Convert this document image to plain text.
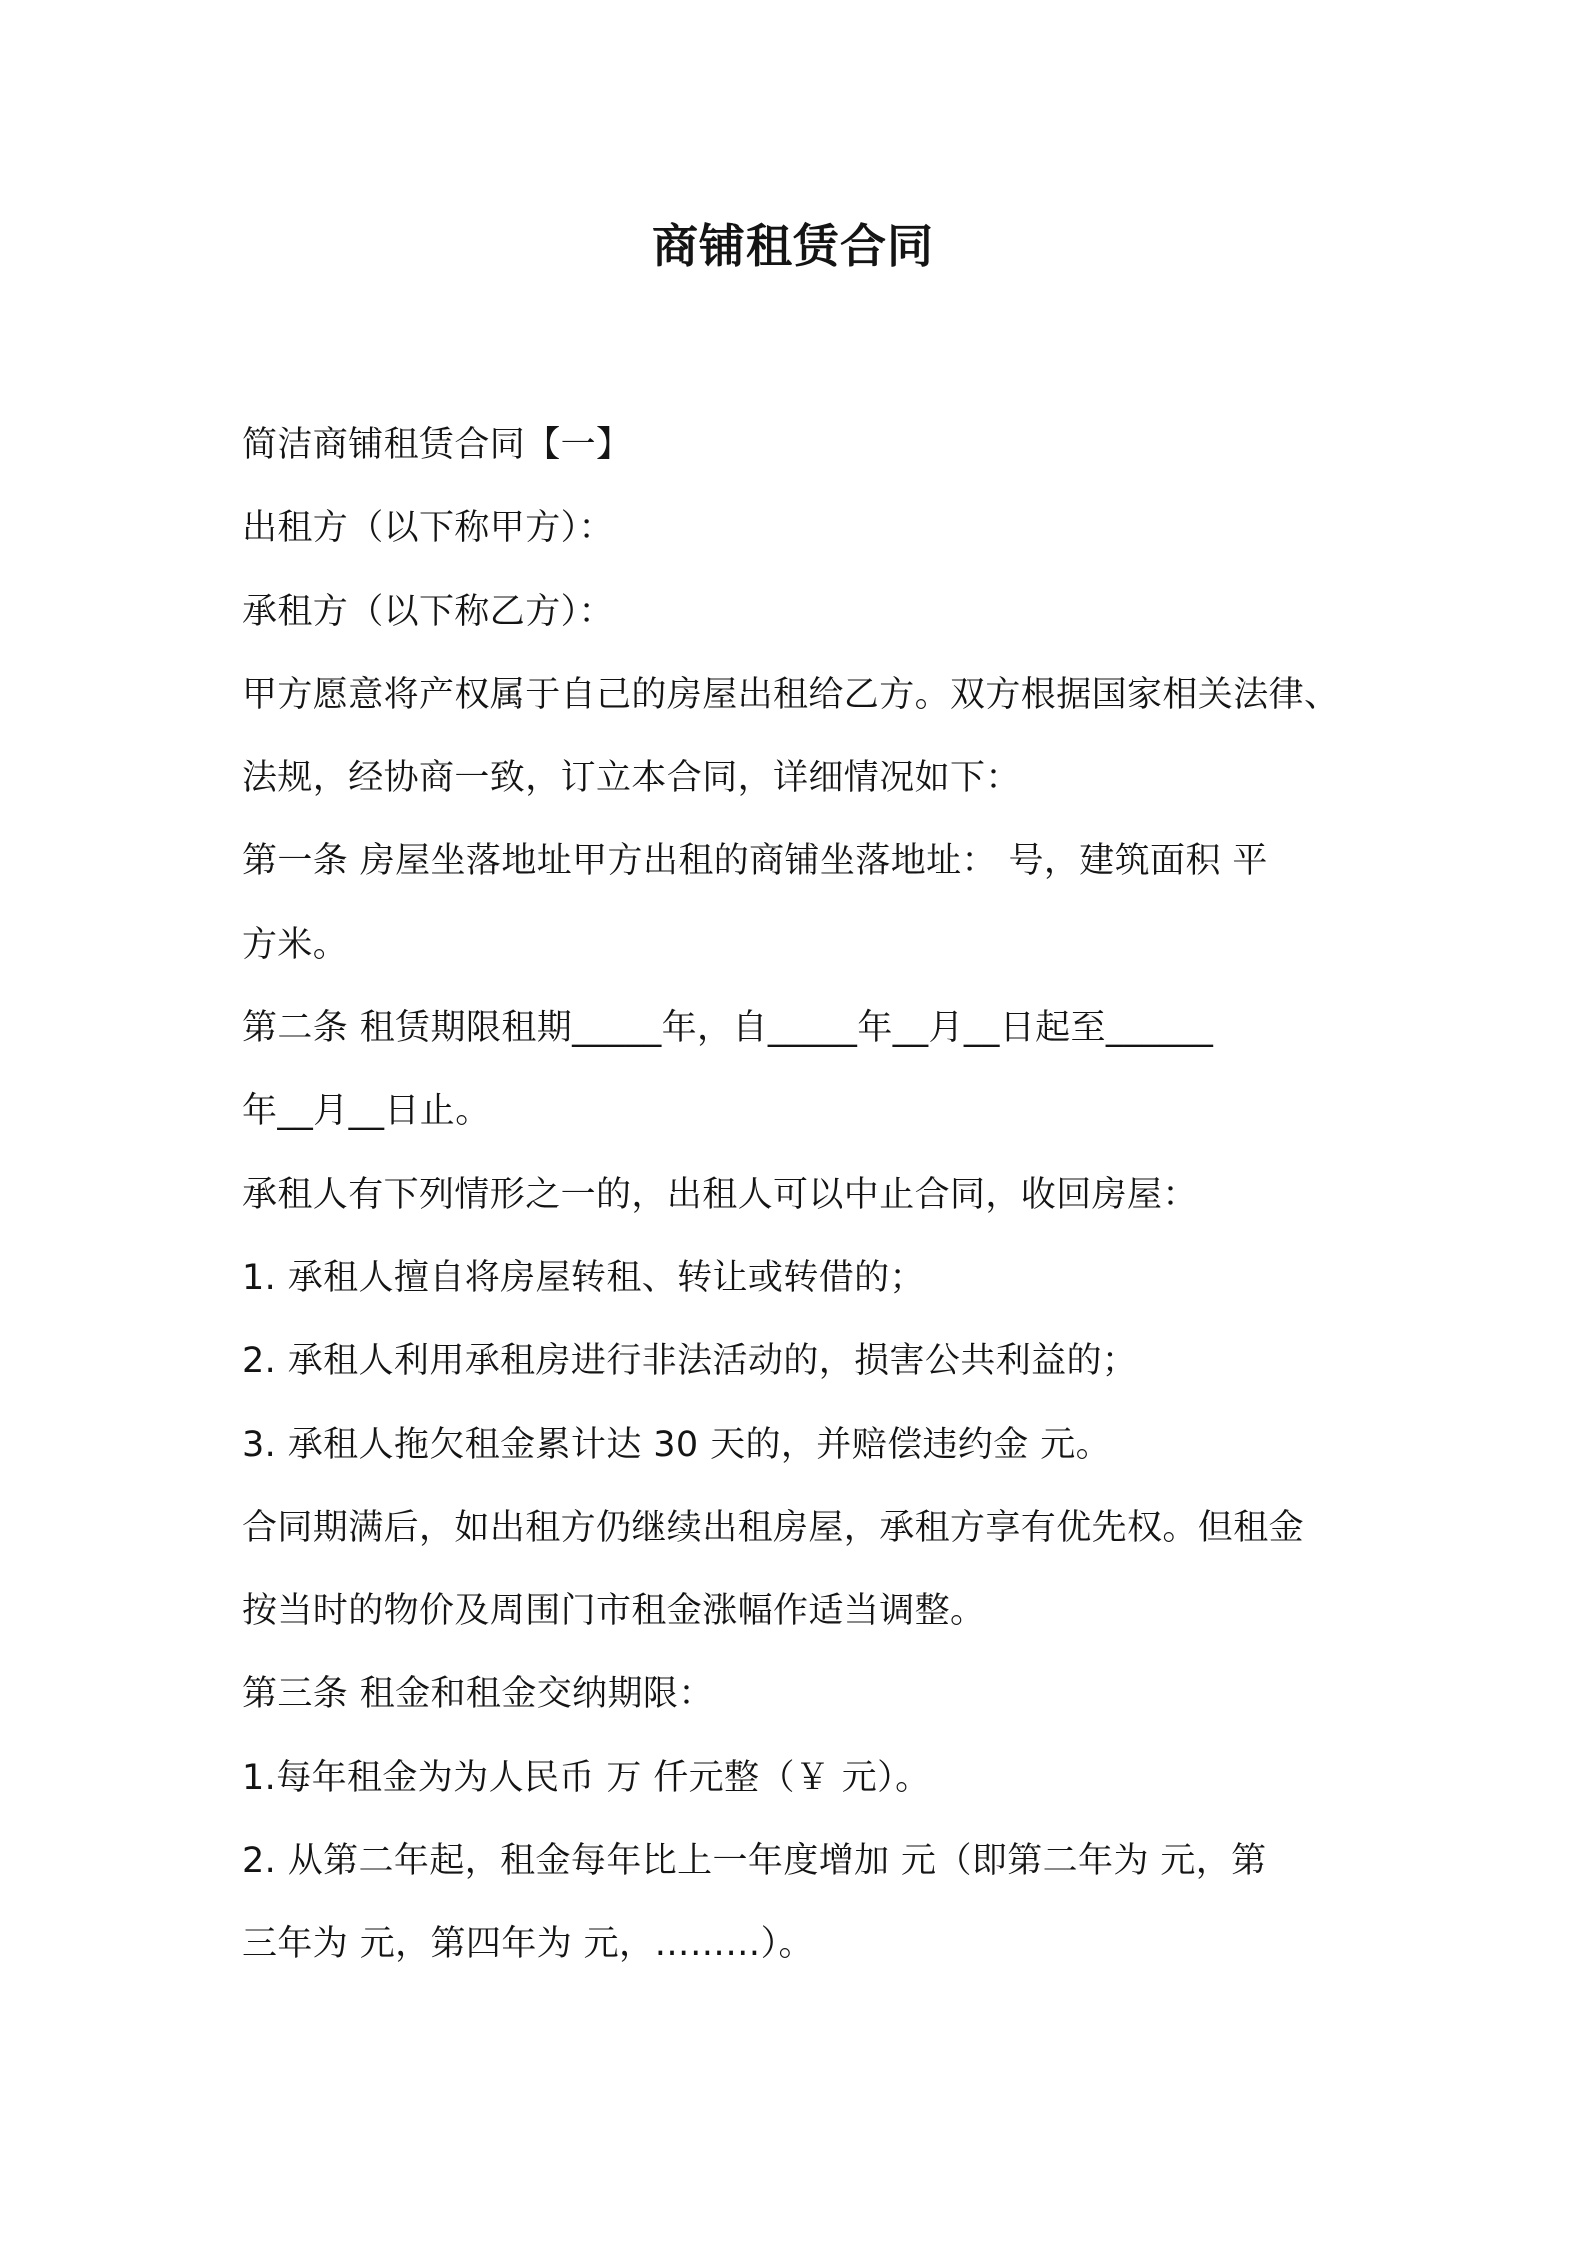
商铺租赁合同
简洁商铺租赁合同【一】
出租方（以下称甲方）：
承租方（以下称乙方）：
甲方愿意将产权属于自己的房屋出租给乙方。双方根据国家相关法律、
法规，经协商一致，订立本合同，详细情况如下：
第一条 房屋坐落地址甲方出租的商铺坐落地址： 号，建筑面积 平
方米。
第二条 租赁期限租期_____年，自_____年__月__日起至______
年__月__日止。
承租人有下列情形之一的，出租人可以中止合同，收回房屋：
1. 承租人擅自将房屋转租、转让或转借的；
2. 承租人利用承租房进行非法活动的，损害公共利益的；
3. 承租人拖欠租金累计达 30 天的，并赔偿违约金 元。
合同期满后，如出租方仍继续出租房屋，承租方享有优先权。但租金
按当时的物价及周围门市租金涨幅作适当调整。
第三条 租金和租金交纳期限：
1.每年租金为为人民币 万 仟元整（￥ 元）。
2. 从第二年起，租金每年比上一年度增加 元（即第二年为 元，第
三年为 元，第四年为 元，………）。
